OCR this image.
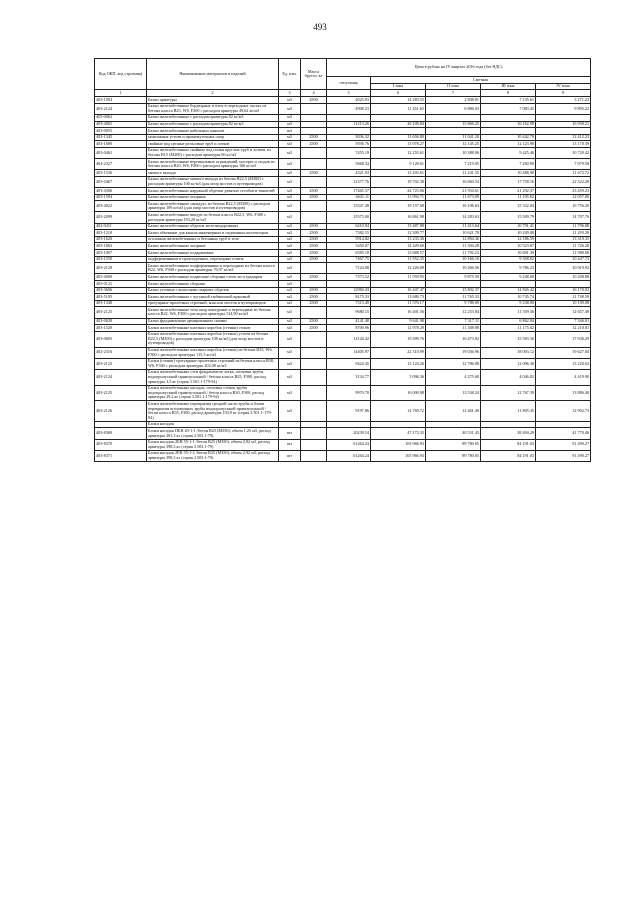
493
Код ОКП, код строения)	Наименование материалов и изделий	Ед. изм.	Масса брутто, кг	Цена в рублях на IV квартал 2016 года (без НДС)				
				отпускная	Сметная			
					I зона	II зона	III зона	IV зона
1	2	3	4	5	6	7	8	9
403-1904	Балки арматуры	м3	2500	4025.03	14 283.55	2 808.81	7 135.61	3 271.22
403-2124	Балки железобетонные бордюрные и плит в переходных частях из бетона класса В25, W6, F200 с расходом арматуры 49,62 кг/м3	м3		4998.23	11 451.65	6 886.03	7 083.45	9 895.22
403-0062	Балки железобетонные с расходом арматуры 82 кг/м3	м3						
403-4065	Балки железобетонные с расходом арматуры 82 кг/м3	м3		11213.26	26 109.84	15 866.25	16 162.98	16 958.21
403-0055	Балки железобетонные кабельных каналов	шт						
403-1345	монтажные устоев и промежуточных опор	м3	2500	3036.32	13 656.80	11 041.20	10 442.70	12 412.23
403-1680	свайные под цепные рельсовые труб и лотков	м3	2500	5936.76	13 978.27	12 145.25	12 123.98	13 170.39
403-0461	Балки железобетонные свайные под полки круглых труб и лотков, из бетона В15 (М200) с расходом арматуры 66 кг/м3	м3		7455.19	12 255.61	10 388.06	9 425.46	10 720.42
404-2327	Балки железобетонные вертикальные ограждений, носорез и сходов из бетона класса В20, W6, F200 с расходом арматуры 100 кг/м3	м3		5668.34	9 128.61	7 219.05	7 260.90	7 079.58
403-1536	мягкого выхода	м3	2500	4321.03	13 203.61	11 241.35	10 488.90	11 672.72
403-0467	Балки железобетонные мягкого выхода из бетона В22,5 (М300) с расходом арматуры 100 кг/м3 (для опор мостов и путепроводов)	м3		12377.76	19 702.38	16 660.54	17 758.16	22 322.28
403-4306	Балки железобетонные наружной обделки девятых столбов и тоннелей	м3	2500	17465.37	24 723.06	21 954.61	21 292.37	23 459.23
403-1594	Балки железобетонные опорных	м3	2500	4641.11	13 994.71	11 673.09	11 105.82	12 057.06
403-4022	Балки железобетонные «виадук» из бетона В22,5 (М300) с расходом арматуры 109 кг/м3 (для опор мостов и путепроводов)	м3		13547.48	19 157.68	16 106.63	15 332.04	16 756.20
403-2099	Балки железобетонные виадук из бетона класса В22,5, W6, F300 с расходом арматуры 193,20 кг/м3	м3		15575.00	16 861.98	14 283.63	15 509.79	14 707.76
402-9411	Балки железобетонные обделок железнодорожных	м3	2500	6410.94	13 487.88	11 413.64	10 791.41	11 796.88
403-1210	Балки объемные для канала инженерных и подземных коллекторов	м3	2500	7382.15	12 309.77	10 621.78	10 249.08	11 293.28
403-1620	оголовков железобетонных и бетонных труб в теле	м3	2500	5914.82	13 233.36	12 894.36	12 186.59	13 319.35
403-1863	Балки железобетонные опорные	м3	2500	5450.07	14 429.60	11 394.28	10 323.87	11 726.28
403-1097	Балки железобетонные подкрановые	м3	2500	6585.18	13 688.57	11 792.23	10 691.39	11 980.08
403-1550	подферменников и прокладочных, переходные плиты	м3	2500	7467.75	11 952.35	10 166.10	9 358.82	10 447.73
403-2129	Балки железобетонные подферменники и переходных из бетона класса В22, W6, F300 с расходом арматуры 76,97 кг/м3	м3		7124.08	12 226.08	10 266.56	9 786.23	10 919.92
403-4069	Балки железобетонные подвесные сборные стоек ли и градирен	м3	2500	7373.52	11 959.95	9 875.59	9 248.00	10 208.88
403-0121	Балки железобетонные сборные	м3						
403-3606	Балки уточные с консолями сварных обделок	м3	2500	12984.43	16 447.47	15 802.37	14 826.42	16 170.92
403-5105	Балки железобетонные с чугунной тюбинговой крышкой	м3	2500	8175.33	13 680.73	11 765.33	10 745.74	11 748.59
403-1348	тротуарные пролетных строений, консоли мостов и путепроводов	м3	2500	7313.49	11 576.17	9 788.09	9 238.00	10 109.08
403-2125	Балки железобетонные тела опор контурные и переходные из бетона класса В22, W6, F300 с расходом арматуры 134,90 кг/м3	м3		9680.15	16 401.56	12 253.84	11 559.36	12 657.49
403-0028	Балки фундаментные армированные сваями	м3	2500	4141.40	9 641.98	7 317.11	6 862.94	7 346.01
403-1520	Блоки железобетонные шахтных коробок (стенки) стоков	м3	2500	8700.96	12 978.29	11 308.88	11 175.02	12 210.81
403-0605	Блоки железобетонные шахтных коробок (стенок) устоев из бетона В22,5 (М300) с расходом арматуры 100 кг/м3 (для опор мостов и путепроводов)	м3		12144.42	19 499.76	16 473.82	15 583.36	17 036.29
402-2316	Блоки железобетонные шахтных коробок (стенок) из бетона В25, W6, F300 с расходом арматуры 115,5 кг/м3	м3		14405.97	22 310.99	19 036.96	18 003.12	19 627.84
403-2123	Блоки (стенки) тротуарные пролетных строений из бетона класса В30, W6, F300 с расходом арматуры 202,08 кг/м3	м3		9424.45	15 124.26	12 786.88	12 096.38	13 220.62
403-2124	Блоки железобетонные стен фундаментов лотка, оголовка трубы водопропускной прямоугольной / бетона класса В25, F300, расход арматуры 3,5 кг (серия 3.501.1-179-94)	м3		3134.77	5 096.36	4 275.60	4 046.02	4 419.90
403-2125	Блоки железобетонные насадок, оголовка стенок трубы водопропускной прямоугольной / бетон класса В30, F300, расход арматуры 29,2 кг (серия 3.501.1-179-94)	м3		9970.70	16 000.98	13 538.24	12 767.39	13 886.40
403-2126	Блоки железобетонные перекрытия средней части трубы и блоки перекрытия оголовочных трубы водопропускной прямоугольной / бетон класса В35, F300, расход арматуры 150,9 кг (серия 3.501.1-179-94)	м3		9197.86	14 769.72	12 461.49	11 805.45	12 902.73
	Блоки насадок							
403-8369	Блоки насадок ПБН 40-1-1 /бетон В25 (М350), объем 1,25 м3, расход арматуры 281,3 кг (серия 3.503.1-79)	шт		20239.54	47 173.35	40 531.43	38 494.29	41 770.46
403-8370	Блоки насадок 2БН 55-1-1 /бетон В25 (М350), объем 2,92 м3, расход арматуры 398,3 кг (серия 3.503.1-79)	шт		61264.24	103 966.93	89 780.65	84 191.03	91 490.27
403-8371	Блоки насадок 2БН 55-1-2 /бетон В25 (М350), объем 2,92 м3, расход арматуры 398,3 кг (серия 3.503.1-79)	шт		61264.24	103 966.93	89 780.65	84 191.03	91 490.27
